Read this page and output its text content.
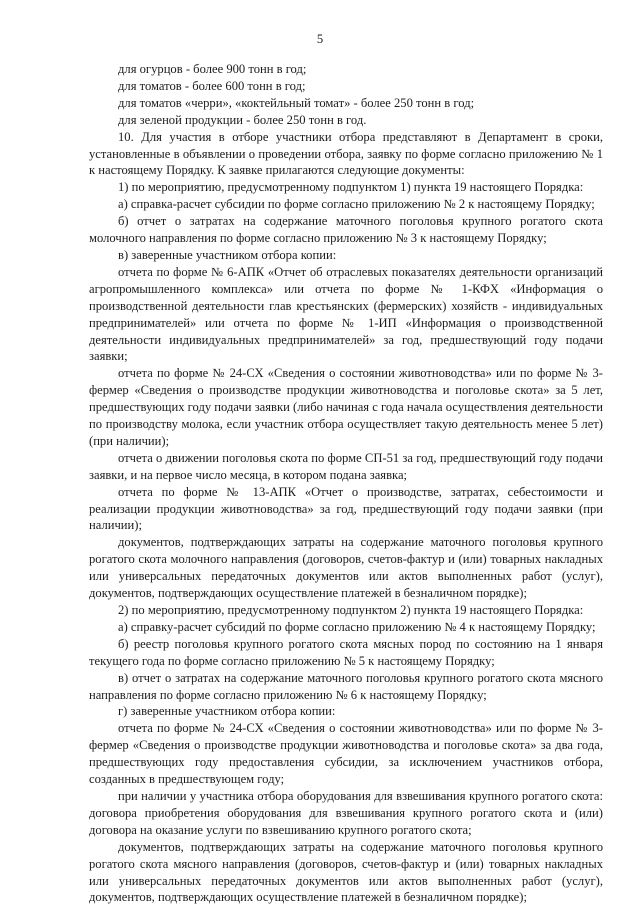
5

для огурцов - более 900 тонн в год;

для томатов - более 600 тонн в год;

для томатов «черри», «коктейльный томат» - более 250 тонн в год;

для зеленой продукции - более 250 тонн в год.

10. Для участия в отборе участники отбора представляют в Департамент в сроки, установленные в объявлении о проведении отбора, заявку по форме согласно приложению № 1 к настоящему Порядку. К заявке прилагаются следующие документы:

1) по мероприятию, предусмотренному подпунктом 1) пункта 19 настоящего Порядка:

а) справка-расчет субсидии по форме согласно приложению № 2 к настоящему Порядку;

б) отчет о затратах на содержание маточного поголовья крупного рогатого скота молочного направления по форме согласно приложению № 3 к настоящему Порядку;

в) заверенные участником отбора копии:

отчета по форме № 6-АПК «Отчет об отраслевых показателях деятельности организаций агропромышленного комплекса» или отчета по форме № 1-КФХ «Информация о производственной деятельности глав крестьянских (фермерских) хозяйств - индивидуальных предпринимателей» или отчета по форме № 1-ИП «Информация о производственной деятельности индивидуальных предпринимателей» за год, предшествующий году подачи заявки;

отчета по форме № 24-СХ «Сведения о состоянии животноводства» или по форме № 3-фермер «Сведения о производстве продукции животноводства и поголовье скота» за 5 лет, предшествующих году подачи заявки (либо начиная с года начала осуществления деятельности по производству молока, если участник отбора осуществляет такую деятельность менее 5 лет) (при наличии);

отчета о движении поголовья скота по форме СП-51 за год, предшествующий году подачи заявки, и на первое число месяца, в котором подана заявка;

отчета по форме № 13-АПК «Отчет о производстве, затратах, себестоимости и реализации продукции животноводства» за год, предшествующий году подачи заявки (при наличии);

документов, подтверждающих затраты на содержание маточного поголовья крупного рогатого скота молочного направления (договоров, счетов-фактур и (или) товарных накладных или универсальных передаточных документов или актов выполненных работ (услуг), документов, подтверждающих осуществление платежей в безналичном порядке);

2) по мероприятию, предусмотренному подпунктом 2) пункта 19 настоящего Порядка:

а) справку-расчет субсидий по форме согласно приложению № 4 к настоящему Порядку;

б) реестр поголовья крупного рогатого скота мясных пород по состоянию на 1 января текущего года по форме согласно приложению № 5 к настоящему Порядку;

в) отчет о затратах на содержание маточного поголовья крупного рогатого скота мясного направления по форме согласно приложению № 6 к настоящему Порядку;

г) заверенные участником отбора копии:

отчета по форме № 24-СХ «Сведения о состоянии животноводства» или по форме № 3-фермер «Сведения о производстве продукции животноводства и поголовье скота» за два года, предшествующих году предоставления субсидии, за исключением участников отбора, созданных в предшествующем году;

при наличии у участника отбора оборудования для взвешивания крупного рогатого скота: договора приобретения оборудования для взвешивания крупного рогатого скота и (или) договора на оказание услуги по взвешиванию крупного рогатого скота;

документов, подтверждающих затраты на содержание маточного поголовья крупного рогатого скота мясного направления (договоров, счетов-фактур и (или) товарных накладных или универсальных передаточных документов или актов выполненных работ (услуг), документов, подтверждающих осуществление платежей в безналичном порядке);
